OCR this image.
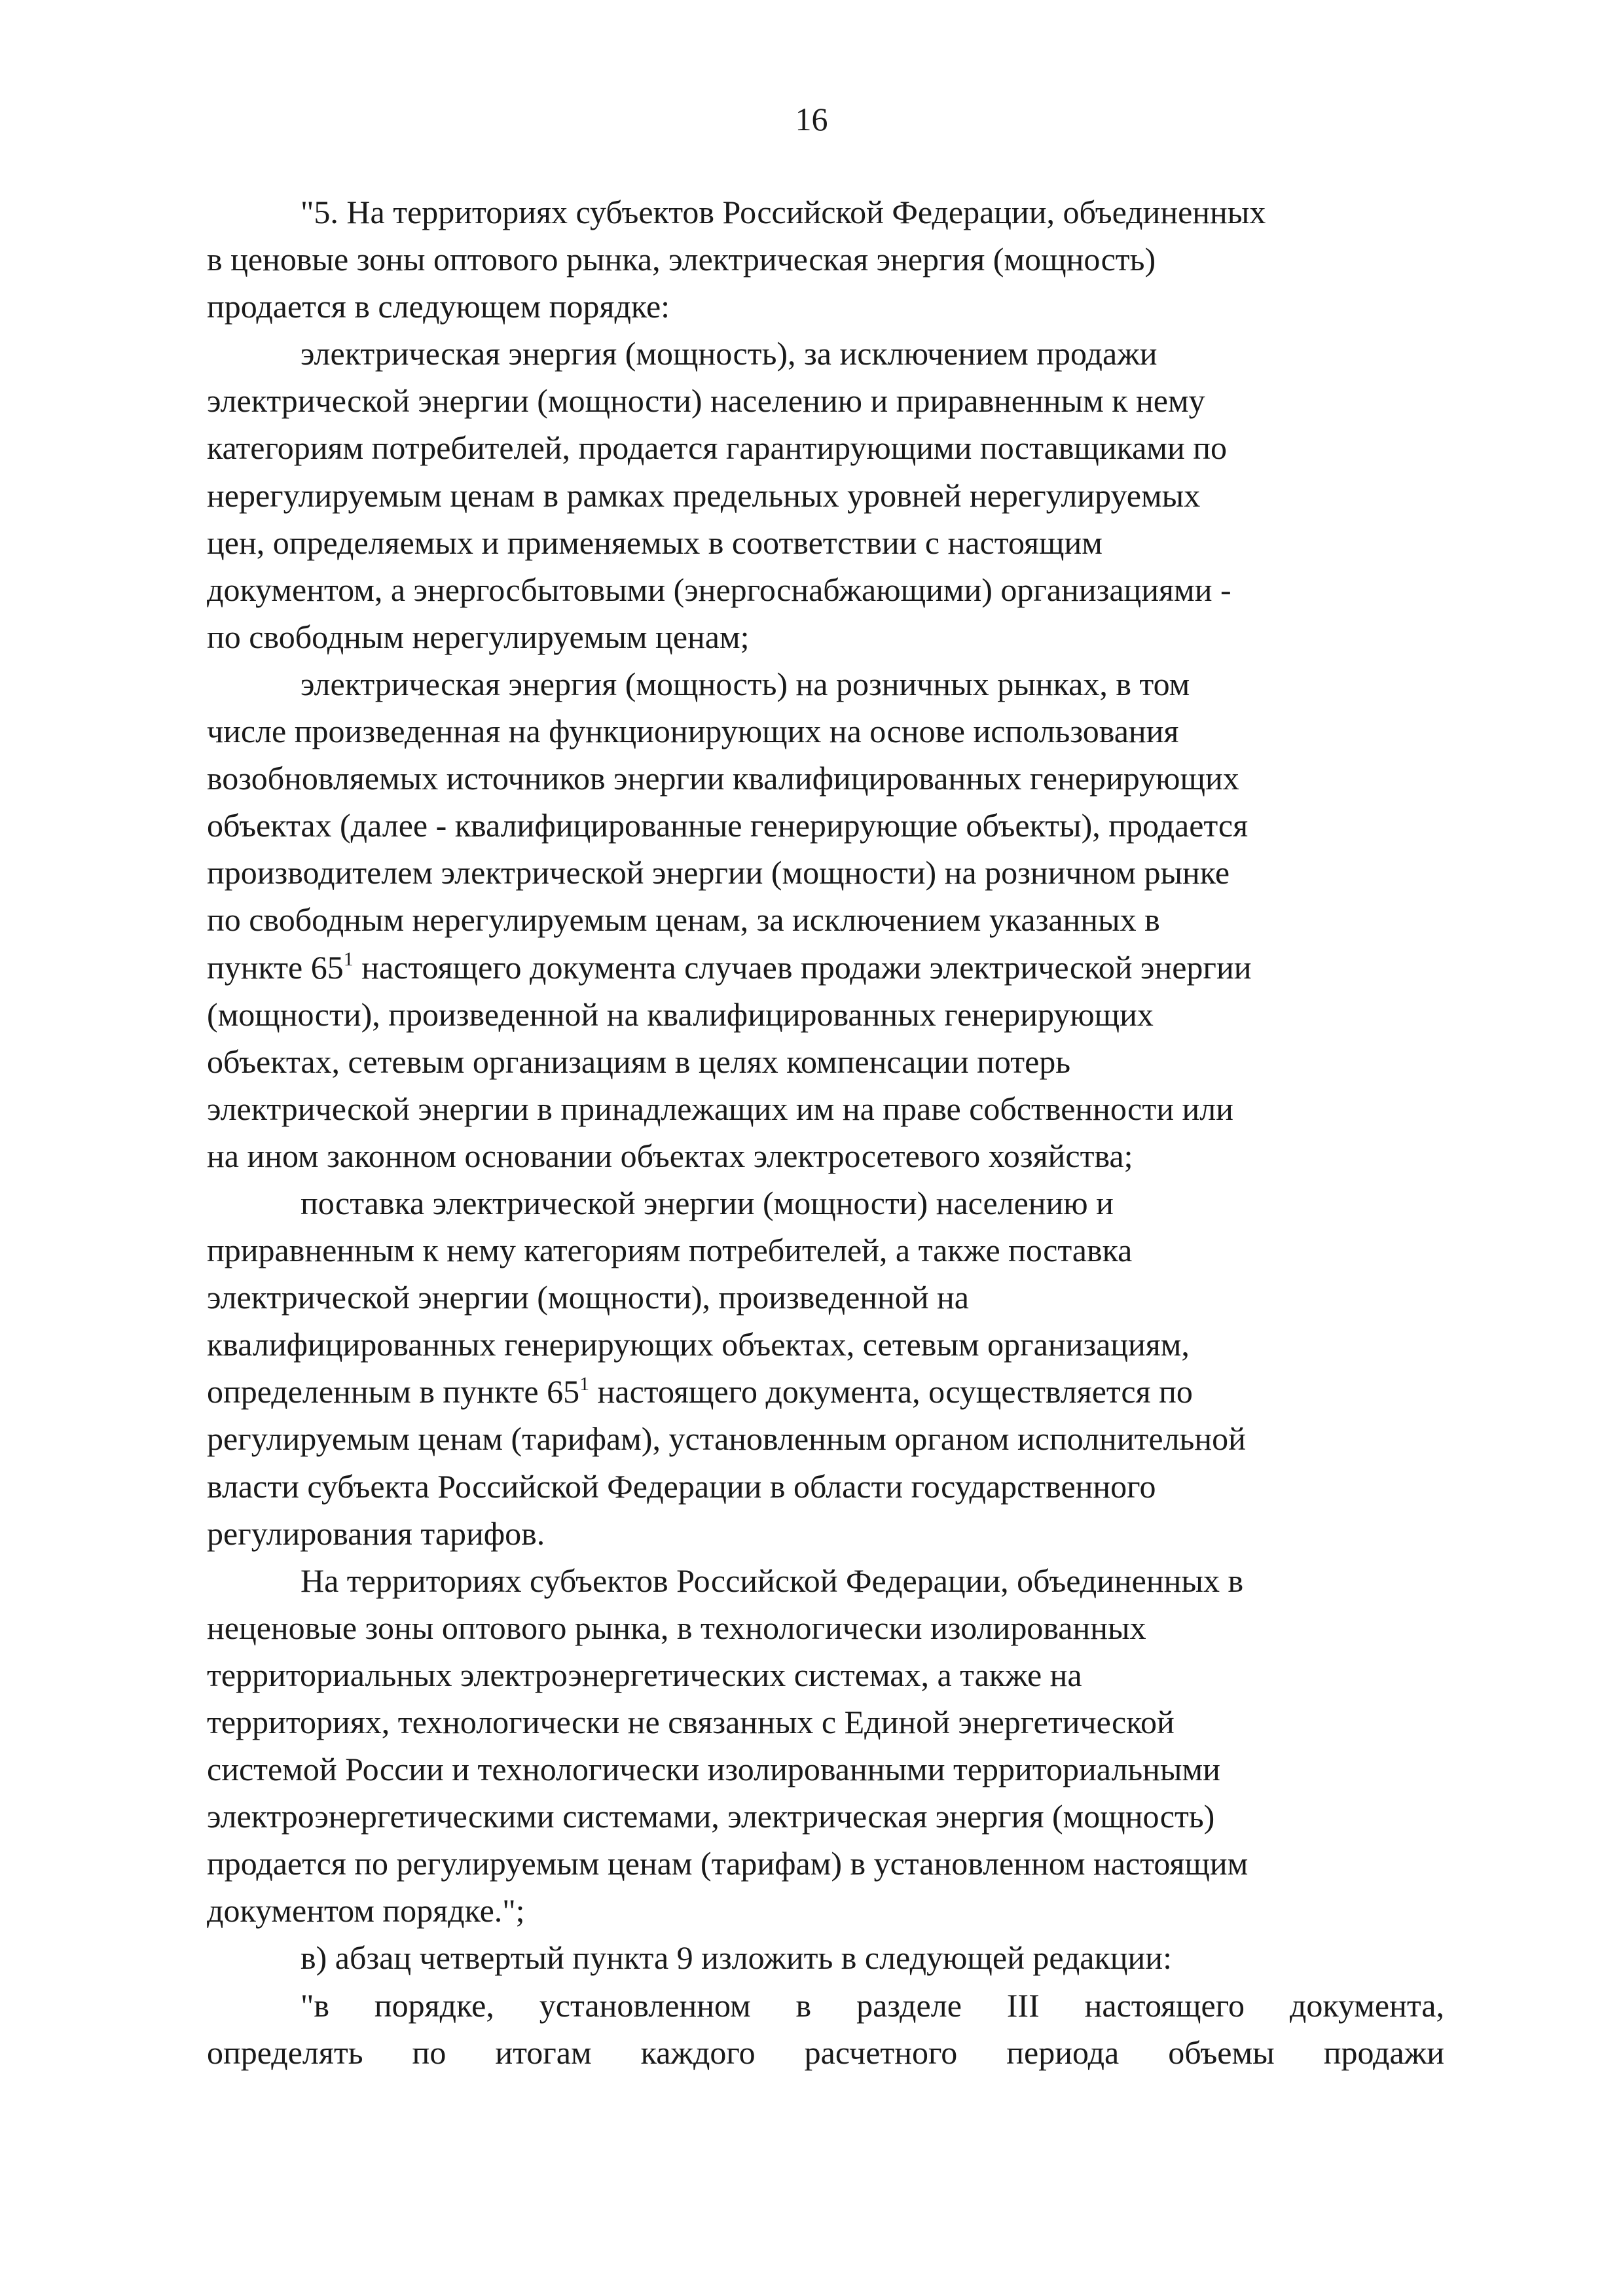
16

"5. На территориях субъектов Российской Федерации, объединенных
в ценовые зоны оптового рынка, электрическая энергия (мощность)
продается в следующем порядке:

электрическая энергия (мощность), за исключением продажи
электрической энергии (мощности) населению и приравненным к нему
категориям потребителей, продается гарантирующими поставщиками по
нерегулируемым ценам в рамках предельных уровней нерегулируемых
цен, определяемых и применяемых в соответствии с настоящим
документом, а энергосбытовыми (энергоснабжающими) организациями -
по свободным нерегулируемым ценам;

электрическая энергия (мощность) на розничных рынках, в том
числе произведенная на функционирующих на основе использования
возобновляемых источников энергии квалифицированных генерирующих
объектах (далее - квалифицированные генерирующие объекты), продается
производителем электрической энергии (мощности) на розничном рынке
по свободным нерегулируемым ценам, за исключением указанных в
пункте $65^1$ настоящего документа случаев продажи электрической энергии
(мощности), произведенной на квалифицированных генерирующих
объектах, сетевым организациям в целях компенсации потерь
электрической энергии в принадлежащих им на праве собственности или
на ином законном основании объектах электросетевого хозяйства;

поставка электрической энергии (мощности) населению и
приравненным к нему категориям потребителей, а также поставка
электрической энергии (мощности), произведенной на
квалифицированных генерирующих объектах, сетевым организациям,
определенным в пункте $65^1$ настоящего документа, осуществляется по
регулируемым ценам (тарифам), установленным органом исполнительной
власти субъекта Российской Федерации в области государственного
регулирования тарифов.

На территориях субъектов Российской Федерации, объединенных в
неценовые зоны оптового рынка, в технологически изолированных
территориальных электроэнергетических системах, а также на
территориях, технологически не связанных с Единой энергетической
системой России и технологически изолированными территориальными
электроэнергетическими системами, электрическая энергия (мощность)
продается по регулируемым ценам (тарифам) в установленном настоящим
документом порядке.";

в) абзац четвертый пункта 9 изложить в следующей редакции:

"в порядке, установленном в разделе III настоящего документа,
определять по итогам каждого расчетного периода объемы продажи
